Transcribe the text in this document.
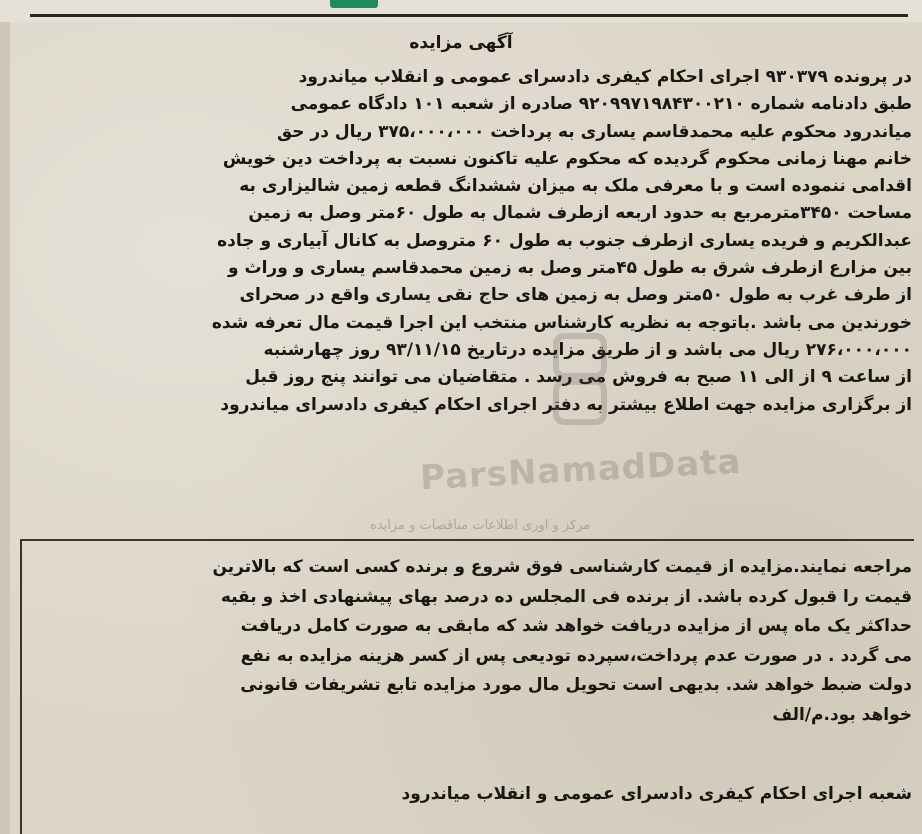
آگهی مزایده
در پرونده ۹۳۰۳۷۹ اجرای احکام کیفری دادسرای عمومی و انقلاب میاندرود
طبق دادنامه شماره ۹۲۰۹۹۷۱۹۸۴۳۰۰۲۱۰ صادره از شعبه ۱۰۱ دادگاه عمومی
میاندرود محکوم علیه محمدقاسم یساری به پرداخت ۳۷۵،۰۰۰،۰۰۰ ریال در حق
خانم مهنا زمانی محکوم گردیده که محکوم علیه تاکنون نسبت به پرداخت دین خویش
اقدامی ننموده است و با معرفی ملک به میزان ششدانگ قطعه زمین شالیزاری به
مساحت ۳۴۵۰مترمربع به حدود اربعه ازطرف شمال به طول ۶۰متر وصل به زمین
عبدالکریم و فریده یساری ازطرف جنوب به طول ۶۰ متروصل به کانال آبیاری و جاده
بین مزارع ازطرف شرق به طول ۴۵متر وصل به زمین محمدقاسم یساری و وراث و
از طرف غرب به طول ۵۰متر وصل به زمین های حاج نقی یساری واقع در صحرای
خورندین می باشد .باتوجه به نظریه کارشناس منتخب این اجرا قیمت مال تعرفه شده
۲۷۶،۰۰۰،۰۰۰ ریال می باشد و از طریق مزایده درتاریخ ۹۳/۱۱/۱۵ روز چهارشنبه
از ساعت ۹ از الی ۱۱ صبح به فروش می رسد . متقاضیان می توانند پنج روز قبل
از برگزاری مزایده جهت اطلاع بیشتر به دفتر اجرای احکام کیفری دادسرای میاندرود
ParsNamadData
مرکز و اوری اطلاعات مناقصات و مزایده
مراجعه نمایند.مزایده از قیمت کارشناسی فوق شروع و برنده کسی است که بالاترین
قیمت را قبول کرده باشد. از برنده فی المجلس ده درصد بهای پیشنهادی اخذ و بقیه
حداکثر یک ماه پس از مزایده دریافت خواهد شد که مابقی به صورت کامل دریافت
می گردد . در صورت عدم پرداخت،سپرده تودیعی پس از کسر هزینه مزایده به نفع
دولت ضبط خواهد شد. بدیهی است تحویل مال مورد مزایده تابع تشریفات قانونی
خواهد بود.م/الف
شعبه اجرای احکام کیفری دادسرای عمومی و انقلاب میاندرود
